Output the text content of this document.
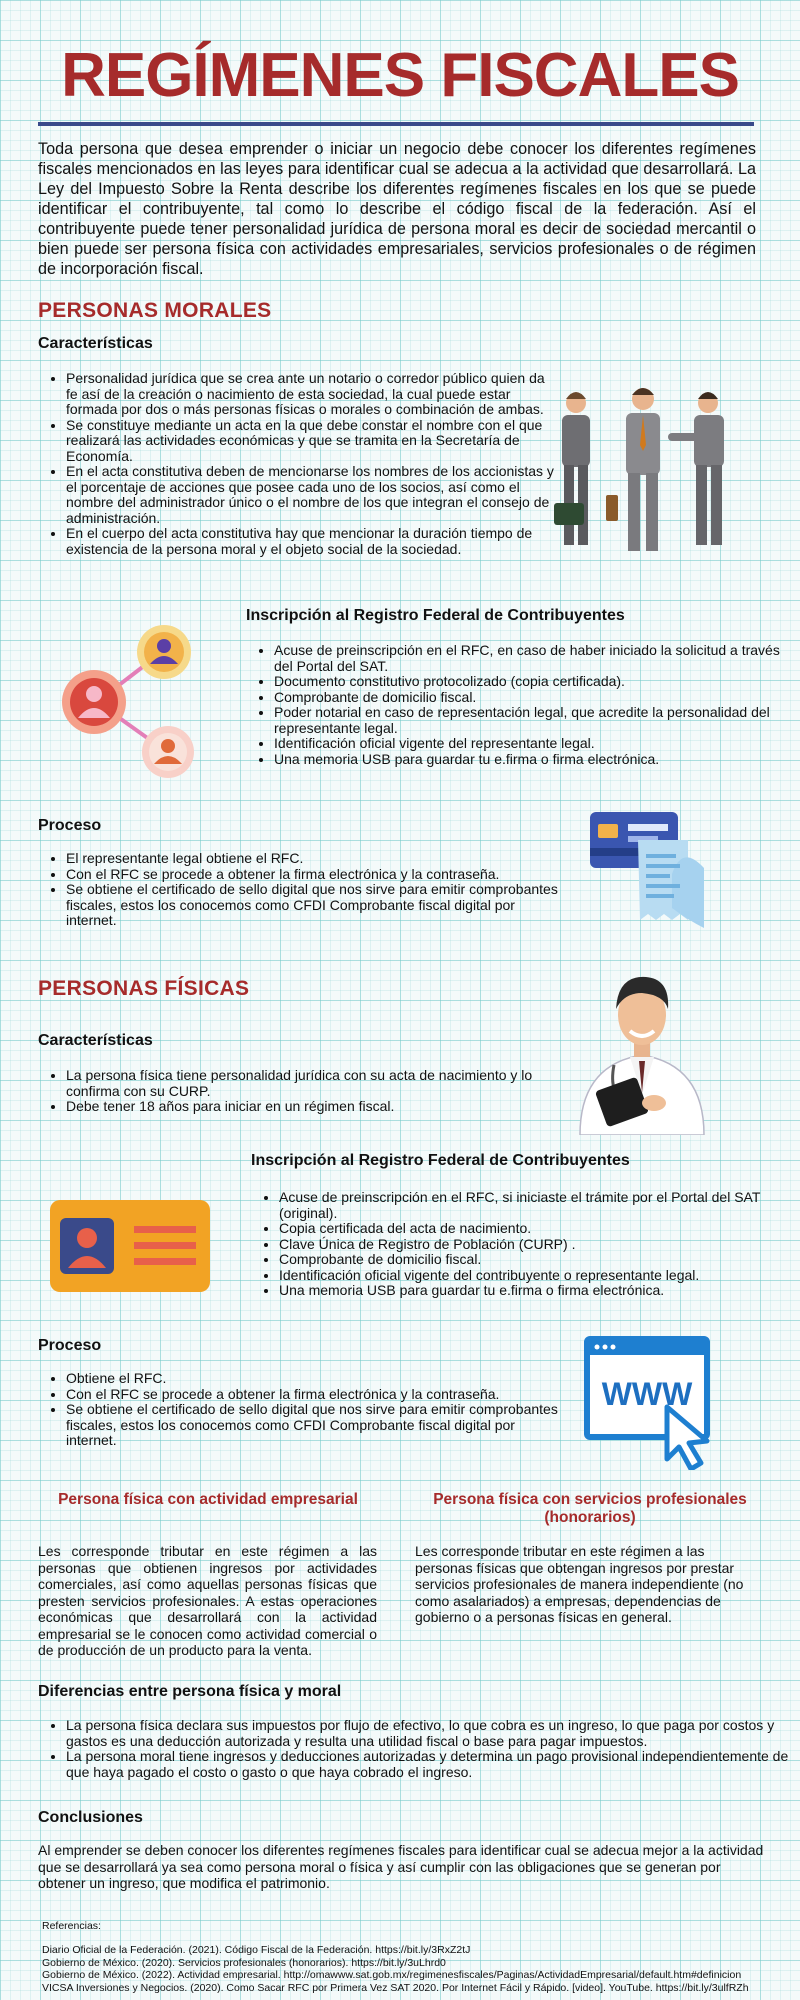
REGÍMENES FISCALES

Toda persona que desea emprender o iniciar un negocio debe conocer los diferentes regímenes fiscales mencionados en las leyes para identificar cual se adecua a la actividad que desarrollará. La Ley del Impuesto Sobre la Renta describe los diferentes regímenes fiscales en los que se puede identificar el contribuyente, tal como lo describe el código fiscal de la federación. Así el contribuyente puede tener personalidad jurídica de persona moral es decir de sociedad mercantil o bien puede ser persona física con actividades empresariales, servicios profesionales o de régimen de incorporación fiscal.

PERSONAS MORALES
Características
• Personalidad jurídica que se crea ante un notario o corredor público quien da fe así de la creación o nacimiento de esta sociedad, la cual puede estar formada por dos o más personas físicas o morales o combinación de ambas.
• Se constituye mediante un acta en la que debe constar el nombre con el que realizará las actividades económicas y que se tramita en la Secretaría de Economía.
• En el acta constitutiva deben de mencionarse los nombres de los accionistas y el porcentaje de acciones que posee cada uno de los socios, así como el nombre del administrador único o el nombre de los que integran el consejo de administración.
• En el cuerpo del acta constitutiva hay que mencionar la duración tiempo de existencia de la persona moral y el objeto social de la sociedad.
Inscripción al Registro Federal de Contribuyentes
• Acuse de preinscripción en el RFC, en caso de haber iniciado la solicitud a través del Portal del SAT.
• Documento constitutivo protocolizado (copia certificada).
• Comprobante de domicilio fiscal.
• Poder notarial en caso de representación legal, que acredite la personalidad del representante legal.
• Identificación oficial vigente del representante legal.
• Una memoria USB para guardar tu e.firma o firma electrónica.
Proceso
• El representante legal obtiene el RFC.
• Con el RFC se procede a obtener la firma electrónica y la contraseña.
• Se obtiene el certificado de sello digital que nos sirve para emitir comprobantes fiscales, estos los conocemos como CFDI Comprobante fiscal digital por internet.
PERSONAS FÍSICAS
Características
• La persona física tiene personalidad jurídica con su acta de nacimiento y lo confirma con su CURP.
• Debe tener 18 años para iniciar en un régimen fiscal.
Inscripción al Registro Federal de Contribuyentes
• Acuse de preinscripción en el RFC, si iniciaste el trámite por el Portal del SAT (original).
• Copia certificada del acta de nacimiento.
• Clave Única de Registro de Población (CURP) .
• Comprobante de domicilio fiscal.
• Identificación oficial vigente del contribuyente o representante legal.
• Una memoria USB para guardar tu e.firma o firma electrónica.
Proceso
• Obtiene el RFC.
• Con el RFC se procede a obtener la firma electrónica y la contraseña.
• Se obtiene el certificado de sello digital que nos sirve para emitir comprobantes fiscales, estos los conocemos como CFDI Comprobante fiscal digital por internet.
WWW
Persona física con actividad empresarial

Les corresponde tributar en este régimen a las personas que obtienen ingresos por actividades comerciales, así como aquellas personas físicas que presten servicios profesionales. A estas operaciones económicas que desarrollará con la actividad empresarial se le conocen como actividad comercial o de producción de un producto para la venta.

Persona física con servicios profesionales (honorarios)

Les corresponde tributar en este régimen a las personas físicas que obtengan ingresos por prestar servicios profesionales de manera independiente (no como asalariados) a empresas, dependencias de gobierno o a personas físicas en general.

Diferencias entre persona física y moral
• La persona física declara sus impuestos por flujo de efectivo, lo que cobra es un ingreso, lo que paga por costos y gastos es una deducción autorizada y resulta una utilidad fiscal o base para pagar impuestos.
• La persona moral tiene ingresos y deducciones autorizadas y determina un pago provisional independientemente de que haya pagado el costo o gasto o que haya cobrado el ingreso.
Conclusiones

Al emprender se deben conocer los diferentes regímenes fiscales para identificar cual se adecua mejor a la actividad que se desarrollará ya sea como persona moral o física y así cumplir con las obligaciones que se generan por obtener un ingreso, que modifica el patrimonio.

Referencias:

Diario Oficial de la Federación. (2021). Código Fiscal de la Federación. https://bit.ly/3RxZ2tJ

Gobierno de México. (2020). Servicios profesionales (honorarios). https://bit.ly/3uLhrd0

Gobierno de México. (2022). Actividad empresarial. http://omawww.sat.gob.mx/regimenesfiscales/Paginas/ActividadEmpresarial/default.htm#definicion

VICSA Inversiones y Negocios. (2020). Como Sacar RFC por Primera Vez SAT 2020. Por Internet Fácil y Rápido. [video]. YouTube. https://bit.ly/3ulfRZh
